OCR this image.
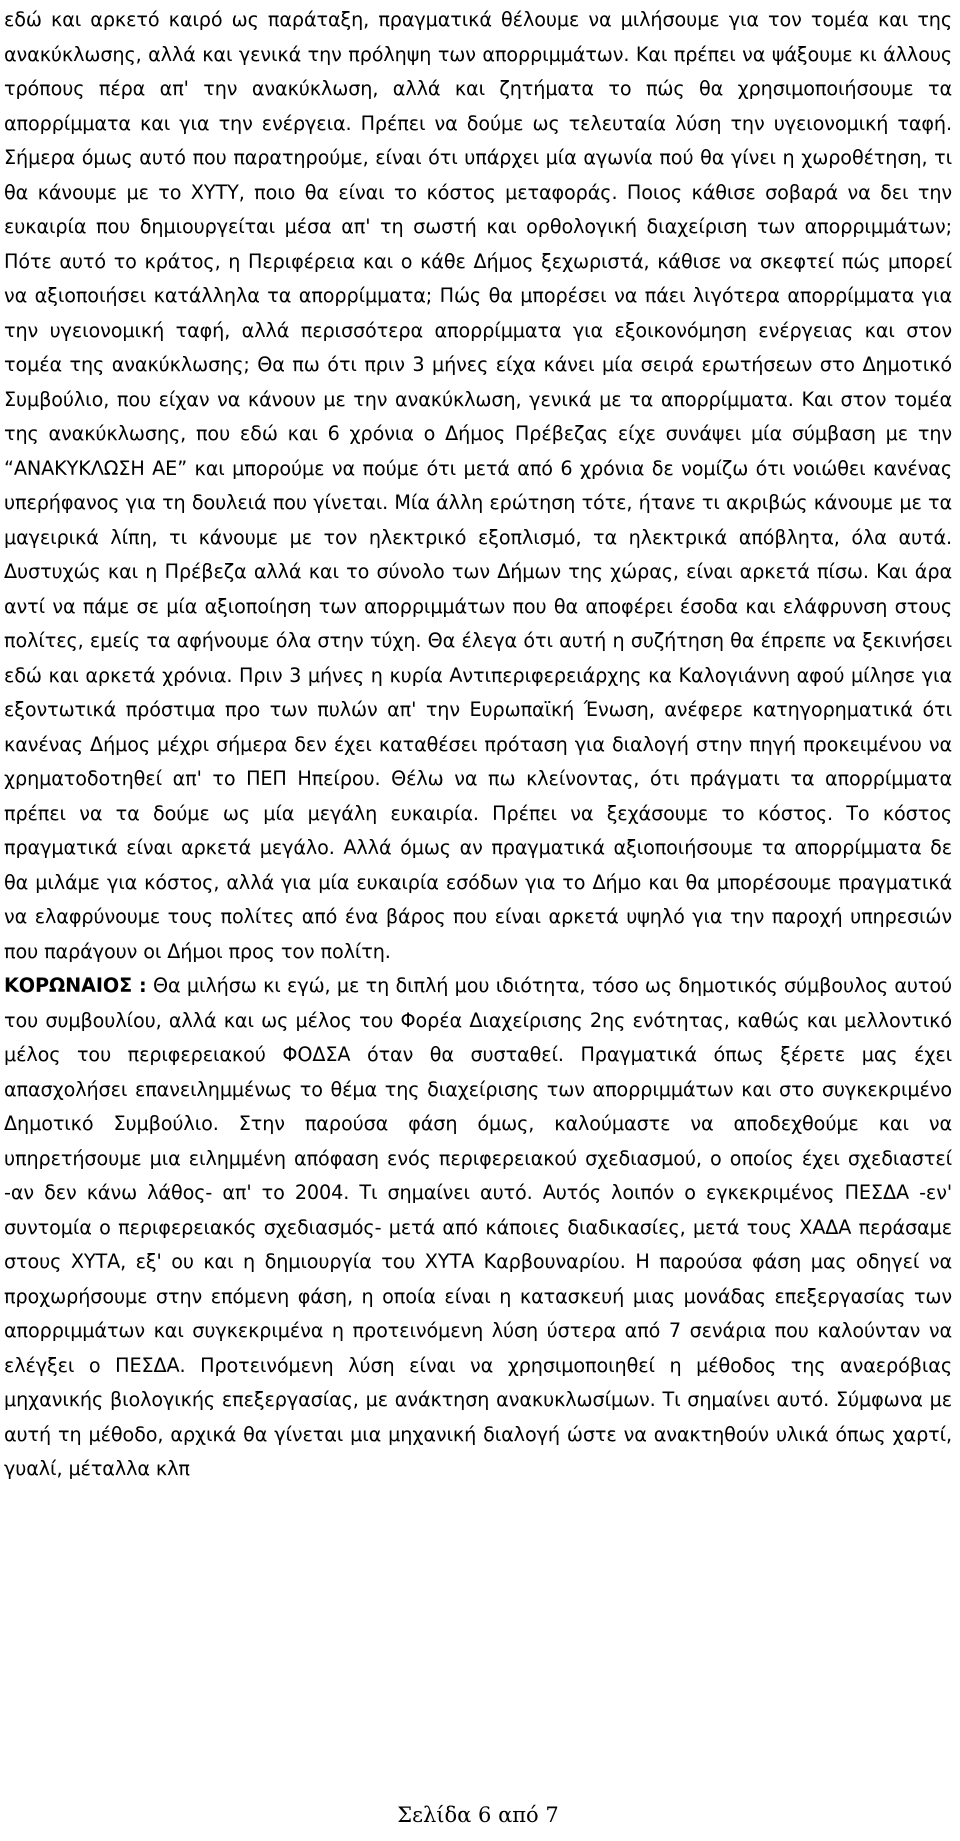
εδώ και αρκετό καιρό ως παράταξη, πραγματικά θέλουμε να μιλήσουμε για τον τομέα και της ανακύκλωσης, αλλά και γενικά την πρόληψη των απορριμμάτων. Και πρέπει να ψάξουμε κι άλλους τρόπους πέρα απ' την ανακύκλωση, αλλά και ζητήματα το πώς θα χρησιμοποιήσουμε τα απορρίμματα και για την ενέργεια. Πρέπει να δούμε ως τελευταία λύση την υγειονομική ταφή. Σήμερα όμως αυτό που παρατηρούμε, είναι ότι υπάρχει μία αγωνία πού θα γίνει η χωροθέτηση, τι θα κάνουμε με το ΧΥΤΥ, ποιο θα είναι το κόστος μεταφοράς. Ποιος κάθισε σοβαρά να δει την ευκαιρία που δημιουργείται μέσα απ' τη σωστή και ορθολογική διαχείριση των απορριμμάτων; Πότε αυτό το κράτος, η Περιφέρεια και ο κάθε Δήμος ξεχωριστά, κάθισε να σκεφτεί πώς μπορεί να αξιοποιήσει κατάλληλα τα απορρίμματα; Πώς θα μπορέσει να πάει λιγότερα απορρίμματα για την υγειονομική ταφή, αλλά περισσότερα απορρίμματα για εξοικονόμηση ενέργειας και στον τομέα της ανακύκλωσης; Θα πω ότι πριν 3 μήνες είχα κάνει μία σειρά ερωτήσεων στο Δημοτικό Συμβούλιο, που είχαν να κάνουν με την ανακύκλωση, γενικά με τα απορρίμματα. Και στον τομέα της ανακύκλωσης, που εδώ και 6 χρόνια ο Δήμος Πρέβεζας είχε συνάψει μία σύμβαση με την “ΑΝΑΚΥΚΛΩΣΗ ΑΕ” και μπορούμε να πούμε ότι μετά από 6 χρόνια δε νομίζω ότι νοιώθει κανένας υπερήφανος για τη δουλειά που γίνεται. Μία άλλη ερώτηση τότε, ήτανε τι ακριβώς κάνουμε με τα μαγειρικά λίπη, τι κάνουμε με τον ηλεκτρικό εξοπλισμό, τα ηλεκτρικά απόβλητα, όλα αυτά. Δυστυχώς και η Πρέβεζα αλλά και το σύνολο των Δήμων της χώρας, είναι αρκετά πίσω. Και άρα αντί να πάμε σε μία αξιοποίηση των απορριμμάτων που θα αποφέρει έσοδα και ελάφρυνση στους πολίτες, εμείς τα αφήνουμε όλα στην τύχη. Θα έλεγα ότι αυτή η συζήτηση θα έπρεπε να ξεκινήσει εδώ και αρκετά χρόνια. Πριν 3 μήνες η κυρία Αντιπεριφερειάρχης κα Καλογιάννη αφού μίλησε για εξοντωτικά πρόστιμα προ των πυλών απ' την Ευρωπαϊκή Ένωση, ανέφερε κατηγορηματικά ότι κανένας Δήμος μέχρι σήμερα δεν έχει καταθέσει πρόταση για διαλογή στην πηγή προκειμένου να χρηματοδοτηθεί απ' το ΠΕΠ Ηπείρου. Θέλω να πω κλείνοντας, ότι πράγματι τα απορρίμματα πρέπει να τα δούμε ως μία μεγάλη ευκαιρία. Πρέπει να ξεχάσουμε το κόστος. Το κόστος πραγματικά είναι αρκετά μεγάλο. Αλλά όμως αν πραγματικά αξιοποιήσουμε τα απορρίμματα δε θα μιλάμε για κόστος, αλλά για μία ευκαιρία εσόδων για το Δήμο και θα μπορέσουμε πραγματικά να ελαφρύνουμε τους πολίτες από ένα βάρος που είναι αρκετά υψηλό για την παροχή υπηρεσιών που παράγουν οι Δήμοι προς τον πολίτη.

ΚΟΡΩΝΑΙΟΣ : Θα μιλήσω κι εγώ, με τη διπλή μου ιδιότητα, τόσο ως δημοτικός σύμβουλος αυτού του συμβουλίου, αλλά και ως μέλος του Φορέα Διαχείρισης 2ης ενότητας, καθώς και μελλοντικό μέλος του περιφερειακού ΦΟΔΣΑ όταν θα συσταθεί. Πραγματικά όπως ξέρετε μας έχει απασχολήσει επανειλημμένως το θέμα της διαχείρισης των απορριμμάτων και στο συγκεκριμένο Δημοτικό Συμβούλιο. Στην παρούσα φάση όμως, καλούμαστε να αποδεχθούμε και να υπηρετήσουμε μια ειλημμένη απόφαση ενός περιφερειακού σχεδιασμού, ο οποίος έχει σχεδιαστεί -αν δεν κάνω λάθος- απ' το 2004. Τι σημαίνει αυτό. Αυτός λοιπόν ο εγκεκριμένος ΠΕΣΔΑ -εν' συντομία ο περιφερειακός σχεδιασμός- μετά από κάποιες διαδικασίες, μετά τους ΧΑΔΑ περάσαμε στους ΧΥΤΑ, εξ' ου και η δημιουργία του ΧΥΤΑ Καρβουναρίου. Η παρούσα φάση μας οδηγεί να προχωρήσουμε στην επόμενη φάση, η οποία είναι η κατασκευή μιας μονάδας επεξεργασίας των απορριμμάτων και συγκεκριμένα η προτεινόμενη λύση ύστερα από 7 σενάρια που καλούνταν να ελέγξει ο ΠΕΣΔΑ. Προτεινόμενη λύση είναι να χρησιμοποιηθεί η μέθοδος της αναερόβιας μηχανικής βιολογικής επεξεργασίας, με ανάκτηση ανακυκλωσίμων. Τι σημαίνει αυτό. Σύμφωνα με αυτή τη μέθοδο, αρχικά θα γίνεται μια μηχανική διαλογή ώστε να ανακτηθούν υλικά όπως χαρτί, γυαλί, μέταλλα κλπ

Σελίδα 6 από 7
